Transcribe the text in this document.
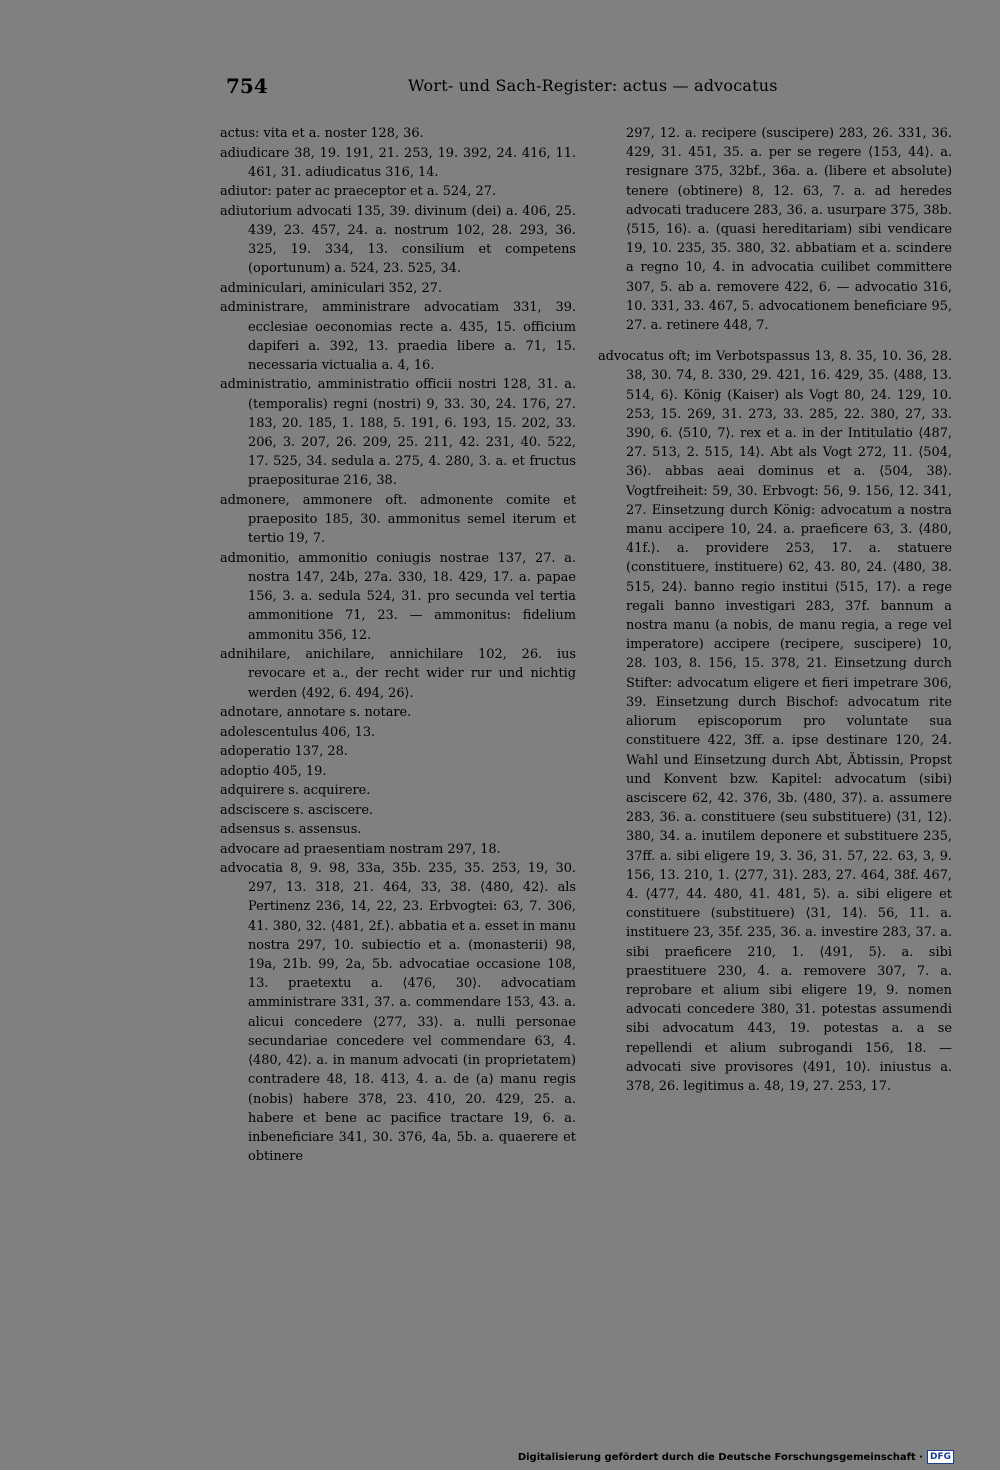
754	Wort- und Sach-Register: actus — advocatus

actus: vita et a. noster 128, 36.

adiudicare 38, 19. 191, 21. 253, 19. 392, 24. 416, 11. 461, 31. adiudicatus 316, 14.

adiutor: pater ac praeceptor et a. 524, 27.

adiutorium advocati 135, 39. divinum (dei) a. 406, 25. 439, 23. 457, 24. a. nostrum 102, 28. 293, 36. 325, 19. 334, 13. consilium et competens (oportunum) a. 524, 23. 525, 34.

adminiculari, aminiculari 352, 27.

administrare, amministrare advocatiam 331, 39. ecclesiae oeconomias recte a. 435, 15. officium dapiferi a. 392, 13. praedia libere a. 71, 15. necessaria victualia a. 4, 16.

administratio, amministratio officii nostri 128, 31. a. (temporalis) regni (nostri) 9, 33. 30, 24. 176, 27. 183, 20. 185, 1. 188, 5. 191, 6. 193, 15. 202, 33. 206, 3. 207, 26. 209, 25. 211, 42. 231, 40. 522, 17. 525, 34. sedula a. 275, 4. 280, 3. a. et fructus praepositurae 216, 38.

admonere, ammonere oft. admonente comite et praeposito 185, 30. ammonitus semel iterum et tertio 19, 7.

admonitio, ammonitio coniugis nostrae 137, 27. a. nostra 147, 24b, 27a. 330, 18. 429, 17. a. papae 156, 3. a. sedula 524, 31. pro secunda vel tertia ammonitione 71, 23. — ammonitus: fidelium ammonitu 356, 12.

adnihilare, anichilare, annichilare 102, 26. ius revocare et a., der recht wider rur und nichtig werden ⟨492, 6. 494, 26⟩.

adnotare, annotare s. notare.

adolescentulus 406, 13.

adoperatio 137, 28.

adoptio 405, 19.

adquirere s. acquirere.

adsciscere s. asciscere.

adsensus s. assensus.

advocare ad praesentiam nostram 297, 18.

advocatia 8, 9. 98, 33a, 35b. 235, 35. 253, 19, 30. 297, 13. 318, 21. 464, 33, 38. ⟨480, 42⟩. als Pertinenz 236, 14, 22, 23. Erbvogtei: 63, 7. 306, 41. 380, 32. ⟨481, 2f.⟩. abbatia et a. esset in manu nostra 297, 10. subiectio et a. (monasterii) 98, 19a, 21b. 99, 2a, 5b. advocatiae occasione 108, 13. praetextu a. ⟨476, 30⟩. advocatiam amministrare 331, 37. a. commendare 153, 43. a. alicui concedere ⟨277, 33⟩. a. nulli personae secundariae concedere vel commendare 63, 4. ⟨480, 42⟩. a. in manum advocati (in proprietatem) contradere 48, 18. 413, 4. a. de (a) manu regis (nobis) habere 378, 23. 410, 20. 429, 25. a. habere et bene ac pacifice tractare 19, 6. a. inbeneficiare 341, 30. 376, 4a, 5b. a. quaerere et obtinere

297, 12. a. recipere (suscipere) 283, 26. 331, 36. 429, 31. 451, 35. a. per se regere ⟨153, 44⟩. a. resignare 375, 32bf., 36a. a. (libere et absolute) tenere (obtinere) 8, 12. 63, 7. a. ad heredes advocati traducere 283, 36. a. usurpare 375, 38b. ⟨515, 16⟩. a. (quasi hereditariam) sibi vendicare 19, 10. 235, 35. 380, 32. abbatiam et a. scindere a regno 10, 4. in advocatia cuilibet committere 307, 5. ab a. removere 422, 6. — advocatio 316, 10. 331, 33. 467, 5. advocationem beneficiare 95, 27. a. retinere 448, 7.

advocatus oft; im Verbotspassus 13, 8. 35, 10. 36, 28. 38, 30. 74, 8. 330, 29. 421, 16. 429, 35. ⟨488, 13. 514, 6⟩. König (Kaiser) als Vogt 80, 24. 129, 10. 253, 15. 269, 31. 273, 33. 285, 22. 380, 27, 33. 390, 6. ⟨510, 7⟩. rex et a. in der Intitulatio ⟨487, 27. 513, 2. 515, 14⟩. Abt als Vogt 272, 11. ⟨504, 36⟩. abbas aeai dominus et a. ⟨504, 38⟩. Vogtfreiheit: 59, 30. Erbvogt: 56, 9. 156, 12. 341, 27. Einsetzung durch König: advocatum a nostra manu accipere 10, 24. a. praeficere 63, 3. ⟨480, 41f.⟩. a. providere 253, 17. a. statuere (constituere, instituere) 62, 43. 80, 24. ⟨480, 38. 515, 24⟩. banno regio institui ⟨515, 17⟩. a rege regali banno investigari 283, 37f. bannum a nostra manu (a nobis, de manu regia, a rege vel imperatore) accipere (recipere, suscipere) 10, 28. 103, 8. 156, 15. 378, 21. Einsetzung durch Stifter: advocatum eligere et fieri impetrare 306, 39. Einsetzung durch Bischof: advocatum rite aliorum episcoporum pro voluntate sua constituere 422, 3ff. a. ipse destinare 120, 24. Wahl und Einsetzung durch Abt, Äbtissin, Propst und Konvent bzw. Kapitel: advocatum (sibi) asciscere 62, 42. 376, 3b. ⟨480, 37⟩. a. assumere 283, 36. a. constituere (seu substituere) ⟨31, 12⟩. 380, 34. a. inutilem deponere et substituere 235, 37ff. a. sibi eligere 19, 3. 36, 31. 57, 22. 63, 3, 9. 156, 13. 210, 1. ⟨277, 31⟩. 283, 27. 464, 38f. 467, 4. ⟨477, 44. 480, 41. 481, 5⟩. a. sibi eligere et constituere (substituere) ⟨31, 14⟩. 56, 11. a. instituere 23, 35f. 235, 36. a. investire 283, 37. a. sibi praeficere 210, 1. ⟨491, 5⟩. a. sibi praestituere 230, 4. a. removere 307, 7. a. reprobare et alium sibi eligere 19, 9. nomen advocati concedere 380, 31. potestas assumendi sibi advocatum 443, 19. potestas a. a se repellendi et alium subrogandi 156, 18. — advocati sive provisores ⟨491, 10⟩. iniustus a. 378, 26. legitimus a. 48, 19, 27. 253, 17.

Digitalisierung gefördert durch die Deutsche Forschungsgemeinschaft · DFG
